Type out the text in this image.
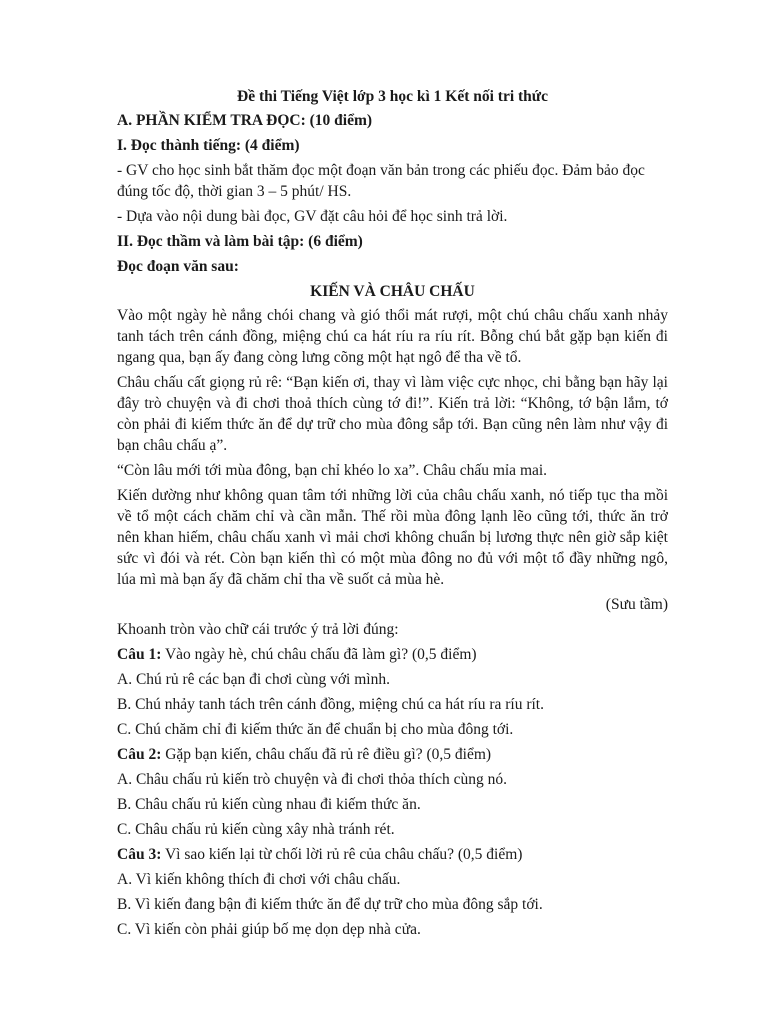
Đề thi Tiếng Việt lớp 3 học kì 1 Kết nối tri thức

A. PHẦN KIỂM TRA ĐỌC: (10 điểm)

I. Đọc thành tiếng: (4 điểm)

- GV cho học sinh bắt thăm đọc một đoạn văn bản trong các phiếu đọc. Đảm bảo đọc đúng tốc độ, thời gian 3 – 5 phút/ HS.

- Dựa vào nội dung bài đọc, GV đặt câu hỏi để học sinh trả lời.

II. Đọc thầm và làm bài tập: (6 điểm)

Đọc đoạn văn sau:

KIẾN VÀ CHÂU CHẤU

Vào một ngày hè nắng chói chang và gió thổi mát rượi, một chú châu chấu xanh nhảy tanh tách trên cánh đồng, miệng chú ca hát ríu ra ríu rít. Bỗng chú bắt gặp bạn kiến đi ngang qua, bạn ấy đang còng lưng cõng một hạt ngô để tha về tổ.

Châu chấu cất giọng rủ rê: “Bạn kiến ơi, thay vì làm việc cực nhọc, chi bằng bạn hãy lại đây trò chuyện và đi chơi thoả thích cùng tớ đi!”. Kiến trả lời: “Không, tớ bận lắm, tớ còn phải đi kiếm thức ăn để dự trữ cho mùa đông sắp tới. Bạn cũng nên làm như vậy đi bạn châu chấu ạ”.

“Còn lâu mới tới mùa đông, bạn chỉ khéo lo xa”. Châu chấu mỉa mai.

Kiến dường như không quan tâm tới những lời của châu chấu xanh, nó tiếp tục tha mồi về tổ một cách chăm chỉ và cần mẫn. Thế rồi mùa đông lạnh lẽo cũng tới, thức ăn trở nên khan hiếm, châu chấu xanh vì mải chơi không chuẩn bị lương thực nên giờ sắp kiệt sức vì đói và rét. Còn bạn kiến thì có một mùa đông no đủ với một tổ đầy những ngô, lúa mì mà bạn ấy đã chăm chỉ tha về suốt cả mùa hè.

(Sưu tầm)

Khoanh tròn vào chữ cái trước ý trả lời đúng:

Câu 1: Vào ngày hè, chú châu chấu đã làm gì? (0,5 điểm)

A. Chú rủ rê các bạn đi chơi cùng với mình.

B. Chú nhảy tanh tách trên cánh đồng, miệng chú ca hát ríu ra ríu rít.

C. Chú chăm chỉ đi kiếm thức ăn để chuẩn bị cho mùa đông tới.

Câu 2: Gặp bạn kiến, châu chấu đã rủ rê điều gì? (0,5 điểm)

A. Châu chấu rủ kiến trò chuyện và đi chơi thỏa thích cùng nó.

B. Châu chấu rủ kiến cùng nhau đi kiếm thức ăn.

C. Châu chấu rủ kiến cùng xây nhà tránh rét.

Câu 3: Vì sao kiến lại từ chối lời rủ rê của châu chấu? (0,5 điểm)

A. Vì kiến không thích đi chơi với châu chấu.

B. Vì kiến đang bận đi kiếm thức ăn để dự trữ cho mùa đông sắp tới.

C. Vì kiến còn phải giúp bố mẹ dọn dẹp nhà cửa.
